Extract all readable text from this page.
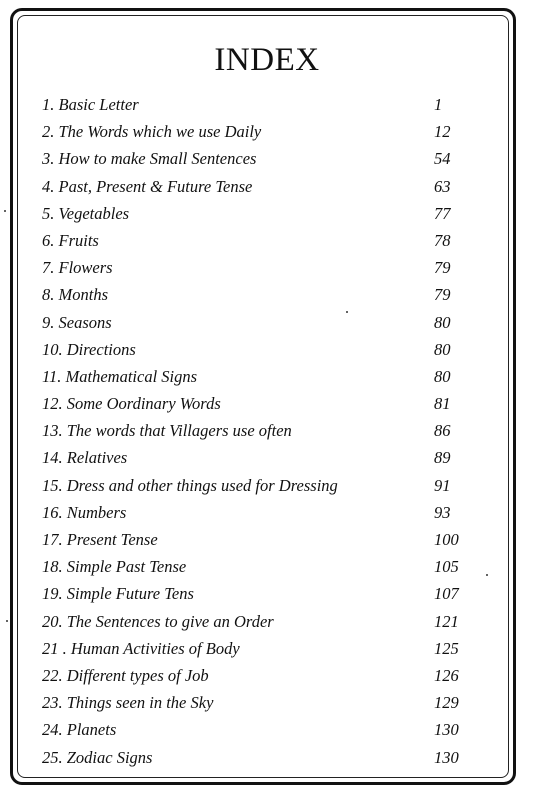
INDEX
1. Basic Letter	1
2. The Words which we use Daily	12
3. How to make Small Sentences	54
4. Past, Present & Future Tense	63
5. Vegetables	77
6. Fruits	78
7. Flowers	79
8. Months	79
9. Seasons	80
10. Directions	80
11. Mathematical Signs	80
12. Some Oordinary Words	81
13. The words that Villagers use often	86
14. Relatives	89
15. Dress and other things used for Dressing	91
16. Numbers	93
17. Present Tense	100
18. Simple Past Tense	105
19. Simple Future Tens	107
20. The Sentences to give an Order	121
21 . Human Activities of Body	125
22. Different types of Job	126
23. Things seen in the Sky	129
24. Planets	130
25. Zodiac Signs	130
